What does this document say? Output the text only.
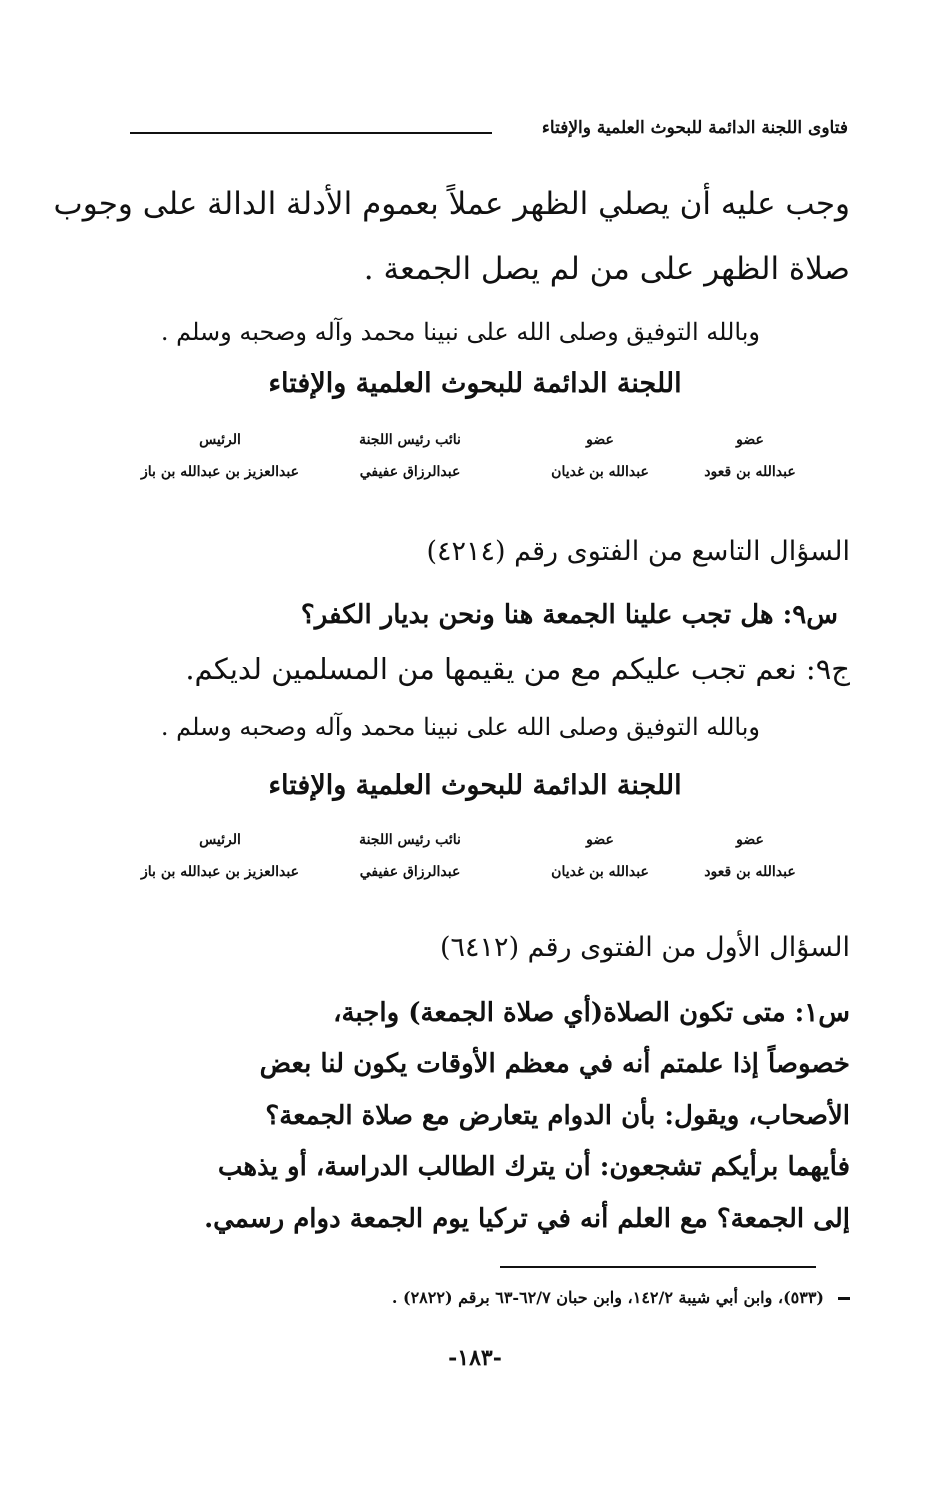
فتاوى اللجنة الدائمة للبحوث العلمية والإفتاء
وجب عليه أن يصلي الظهر عملاً بعموم الأدلة الدالة على وجوب
صلاة الظهر على من لم يصل الجمعة .
وبالله التوفيق وصلى الله على نبينا محمد وآله وصحبه وسلم .
اللجنة الدائمة للبحوث العلمية والإفتاء
عضو
عبدالله بن قعود
عضو
عبدالله بن غديان
نائب رئيس اللجنة
عبدالرزاق عفيفي
الرئيس
عبدالعزيز بن عبدالله بن باز
السؤال التاسع من الفتوى رقم (٤٢١٤)
س٩: هل تجب علينا الجمعة هنا ونحن بديار الكفر؟
ج٩: نعم تجب عليكم مع من يقيمها من المسلمين لديكم.
وبالله التوفيق وصلى الله على نبينا محمد وآله وصحبه وسلم .
اللجنة الدائمة للبحوث العلمية والإفتاء
عضو
عبدالله بن قعود
عضو
عبدالله بن غديان
نائب رئيس اللجنة
عبدالرزاق عفيفي
الرئيس
عبدالعزيز بن عبدالله بن باز
السؤال الأول من الفتوى رقم (٦٤١٢)
س١: متى تكون الصلاة(أي صلاة الجمعة) واجبة،
خصوصاً إذا علمتم أنه في معظم الأوقات يكون لنا بعض
الأصحاب، ويقول: بأن الدوام يتعارض مع صلاة الجمعة؟
فأيهما برأيكم تشجعون: أن يترك الطالب الدراسة، أو يذهب
إلى الجمعة؟ مع العلم أنه في تركيا يوم الجمعة دوام رسمي.
(٥٣٣)، وابن أبي شيبة ١٤٢/٢، وابن حبان ٦٢/٧-٦٣ برقم (٢٨٢٢) .
-١٨٣-
